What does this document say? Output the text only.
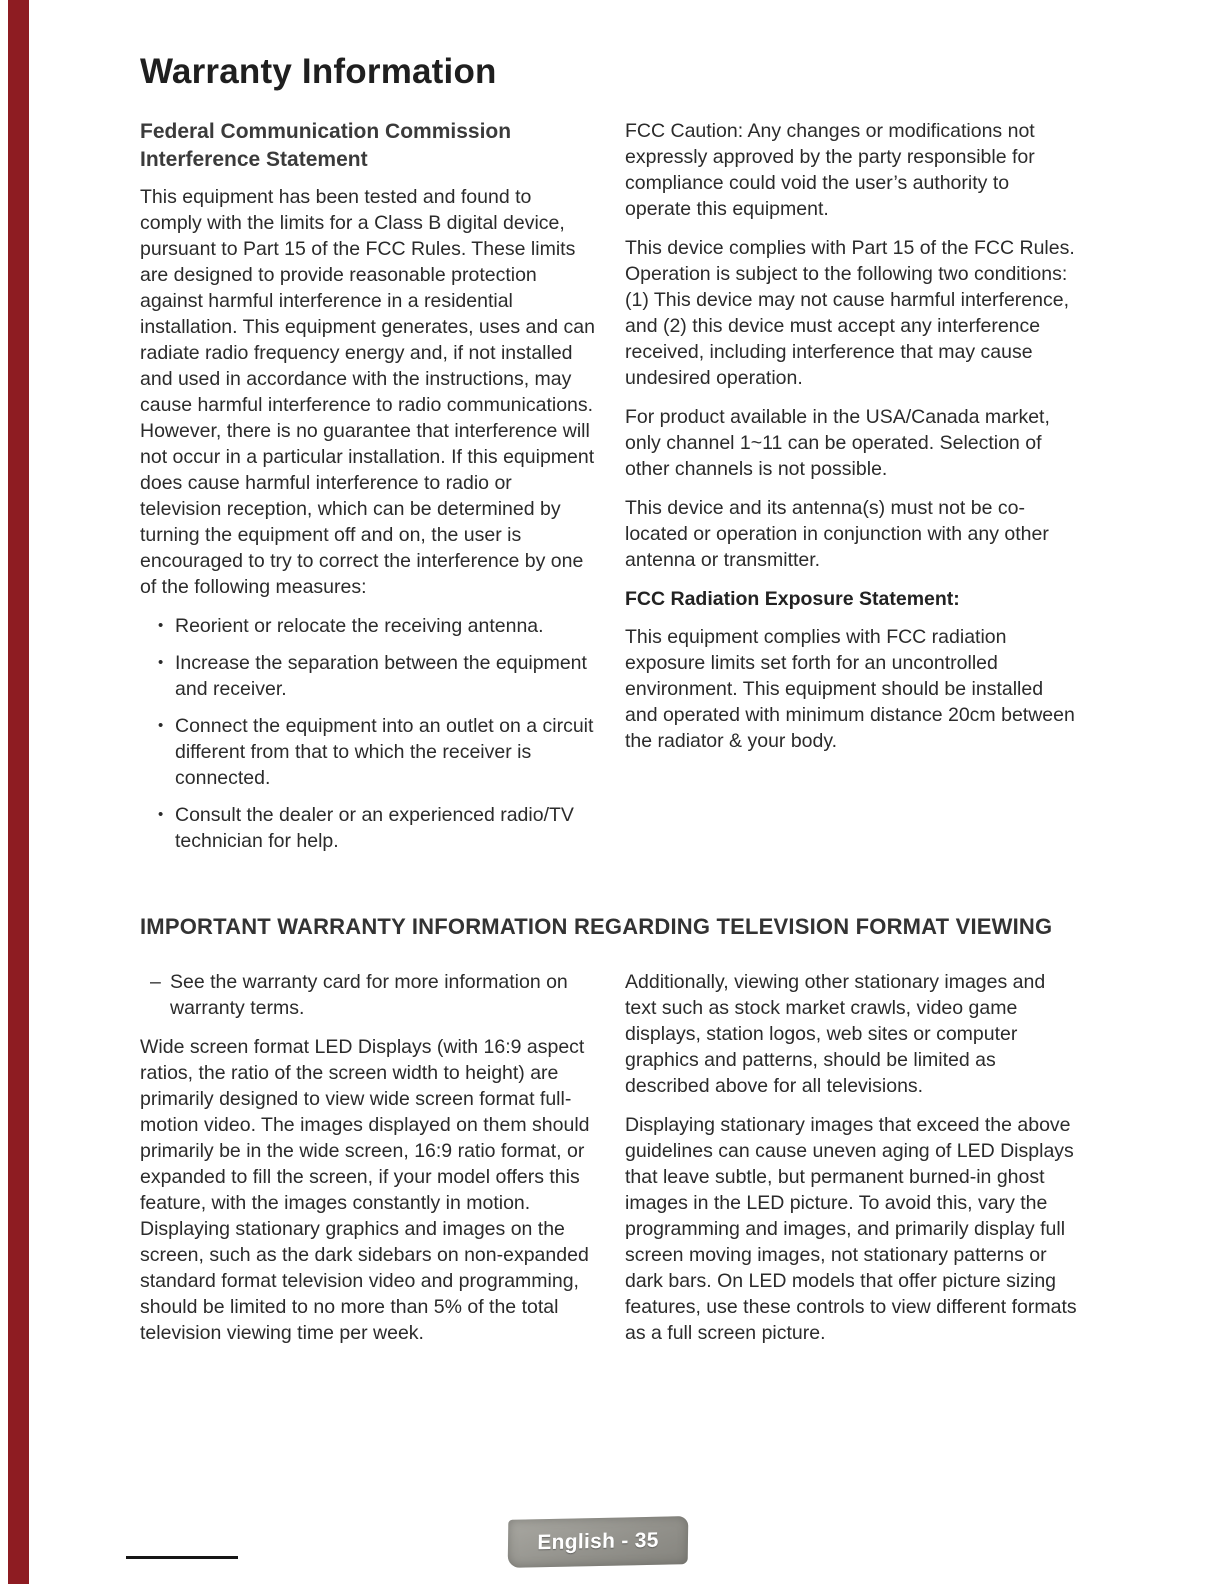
Warranty Information
Federal Communication Commission Interference Statement

This equipment has been tested and found to comply with the limits for a Class B digital device, pursuant to Part 15 of the FCC Rules. These limits are designed to provide reasonable protection against harmful interference in a residential installation. This equipment generates, uses and can radiate radio frequency energy and, if not installed and used in accordance with the instructions, may cause harmful interference to radio communications. However, there is no guarantee that interference will not occur in a particular installation. If this equipment does cause harmful interference to radio or television reception, which can be determined by turning the equipment off and on, the user is encouraged to try to correct the interference by one of the following measures:

• Reorient or relocate the receiving antenna.
• Increase the separation between the equipment and receiver.
• Connect the equipment into an outlet on a circuit different from that to which the receiver is connected.
• Consult the dealer or an experienced radio/TV technician for help.

FCC Caution: Any changes or modifications not expressly approved by the party responsible for compliance could void the user’s authority to operate this equipment.

This device complies with Part 15 of the FCC Rules. Operation is subject to the following two conditions: (1) This device may not cause harmful interference, and (2) this device must accept any interference received, including interference that may cause undesired operation.

For product available in the USA/Canada market, only channel 1~11 can be operated. Selection of other channels is not possible.

This device and its antenna(s) must not be co-located or operation in conjunction with any other antenna or transmitter.

FCC Radiation Exposure Statement:

This equipment complies with FCC radiation exposure limits set forth for an uncontrolled environment. This equipment should be installed and operated with minimum distance 20cm between the radiator & your body.

IMPORTANT WARRANTY INFORMATION REGARDING TELEVISION FORMAT VIEWING

– See the warranty card for more information on warranty terms.

Wide screen format LED Displays (with 16:9 aspect ratios, the ratio of the screen width to height) are primarily designed to view wide screen format full-motion video. The images displayed on them should primarily be in the wide screen, 16:9 ratio format, or expanded to fill the screen, if your model offers this feature, with the images constantly in motion. Displaying stationary graphics and images on the screen, such as the dark sidebars on non-expanded standard format television video and programming, should be limited to no more than 5% of the total television viewing time per week.

Additionally, viewing other stationary images and text such as stock market crawls, video game displays, station logos, web sites or computer graphics and patterns, should be limited as described above for all televisions.

Displaying stationary images that exceed the above guidelines can cause uneven aging of LED Displays that leave subtle, but permanent burned-in ghost images in the LED picture. To avoid this, vary the programming and images, and primarily display full screen moving images, not stationary patterns or dark bars. On LED models that offer picture sizing features, use these controls to view different formats as a full screen picture.

English - 35
